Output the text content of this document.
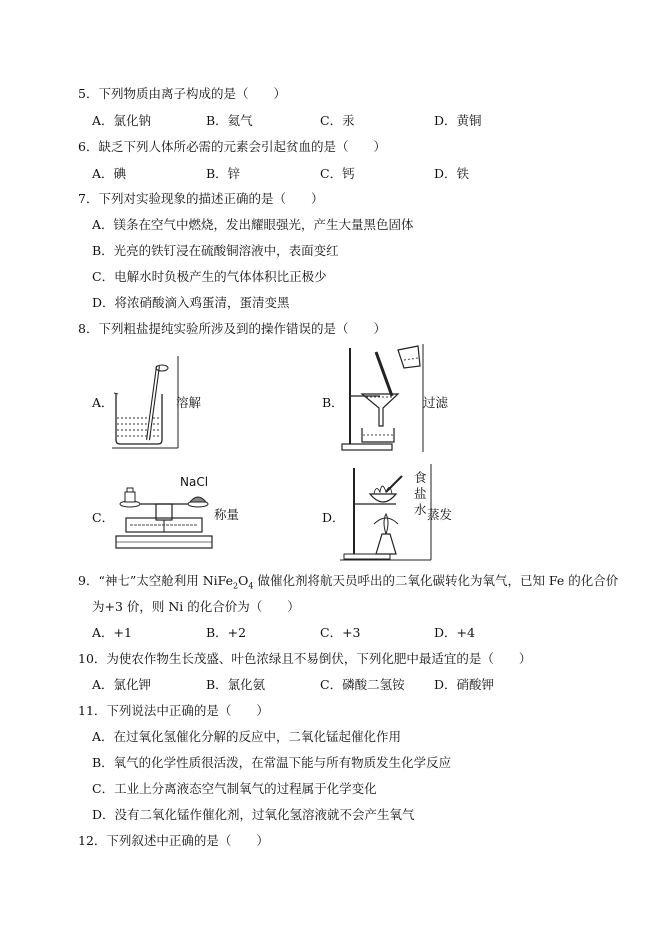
5．下列物质由离子构成的是（　　）
A．氯化钠	B．氦气	C．汞	D．黄铜
6．缺乏下列人体所必需的元素会引起贫血的是（　　）
A．碘	B．锌	C．钙	D．铁
7．下列对实验现象的描述正确的是（　　）
A．镁条在空气中燃烧，发出耀眼强光，产生大量黑色固体
B．光亮的铁钉浸在硫酸铜溶液中，表面变红
C．电解水时负极产生的气体体积比正极少
D．将浓硝酸滴入鸡蛋清，蛋清变黑
8．下列粗盐提纯实验所涉及到的操作错误的是（　　）
A．	溶解	B．	过滤
C．
NaCl
称量	D．
食
盐
水 蒸发
9．“神七”太空舱利用 $NiFe_2O_4$ 做催化剂将航天员呼出的二氧化碳转化为氧气，已知 Fe 的化合价
为+3 价，则 Ni 的化合价为（　　）
A．+1	B．+2	C．+3	D．+4
10．为使农作物生长茂盛、叶色浓绿且不易倒伏，下列化肥中最适宜的是（　　）
A．氯化钾	B．氯化氨	C．磷酸二氢铵 D．硝酸钾
11．下列说法中正确的是（　　）
A．在过氧化氢催化分解的反应中，二氧化锰起催化作用
B．氧气的化学性质很活泼，在常温下能与所有物质发生化学反应
C．工业上分离液态空气制氧气的过程属于化学变化
D．没有二氧化锰作催化剂，过氧化氢溶液就不会产生氧气
12．下列叙述中正确的是（　　）
